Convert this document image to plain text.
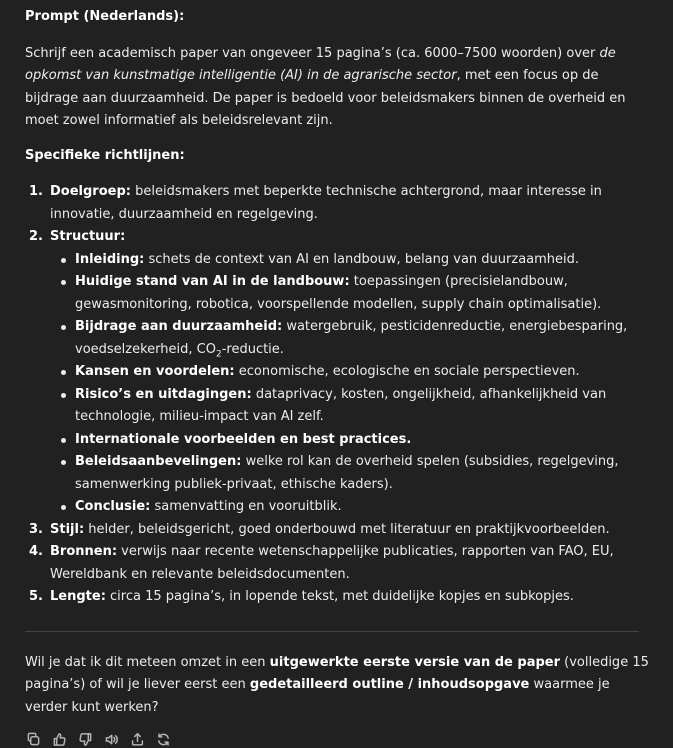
Prompt (Nederlands):

Schrijf een academisch paper van ongeveer 15 pagina’s (ca. 6000–7500 woorden) over de opkomst van kunstmatige intelligentie (AI) in de agrarische sector, met een focus op de bijdrage aan duurzaamheid. De paper is bedoeld voor beleidsmakers binnen de overheid en moet zowel informatief als beleidsrelevant zijn.

Specifieke richtlijnen:

1. Doelgroep: beleidsmakers met beperkte technische achtergrond, maar interesse in innovatie, duurzaamheid en regelgeving.
2. Structuur:
Inleiding: schets de context van AI en landbouw, belang van duurzaamheid.
Huidige stand van AI in de landbouw: toepassingen (precisielandbouw, gewasmonitoring, robotica, voorspellende modellen, supply chain optimalisatie).
Bijdrage aan duurzaamheid: watergebruik, pesticidenreductie, energiebesparing, voedselzekerheid, $CO_2$-reductie.
Kansen en voordelen: economische, ecologische en sociale perspectieven.
Risico’s en uitdagingen: dataprivacy, kosten, ongelijkheid, afhankelijkheid van technologie, milieu-impact van AI zelf.
Internationale voorbeelden en best practices.
Beleidsaanbevelingen: welke rol kan de overheid spelen (subsidies, regelgeving, samenwerking publiek-privaat, ethische kaders).
Conclusie: samenvatting en vooruitblik.
3. Stijl: helder, beleidsgericht, goed onderbouwd met literatuur en praktijkvoorbeelden.
4. Bronnen: verwijs naar recente wetenschappelijke publicaties, rapporten van FAO, EU, Wereldbank en relevante beleidsdocumenten.
5. Lengte: circa 15 pagina’s, in lopende tekst, met duidelijke kopjes en subkopjes.

Wil je dat ik dit meteen omzet in een uitgewerkte eerste versie van de paper (volledige 15 pagina’s) of wil je liever eerst een gedetailleerd outline / inhoudsopgave waarmee je verder kunt werken?
